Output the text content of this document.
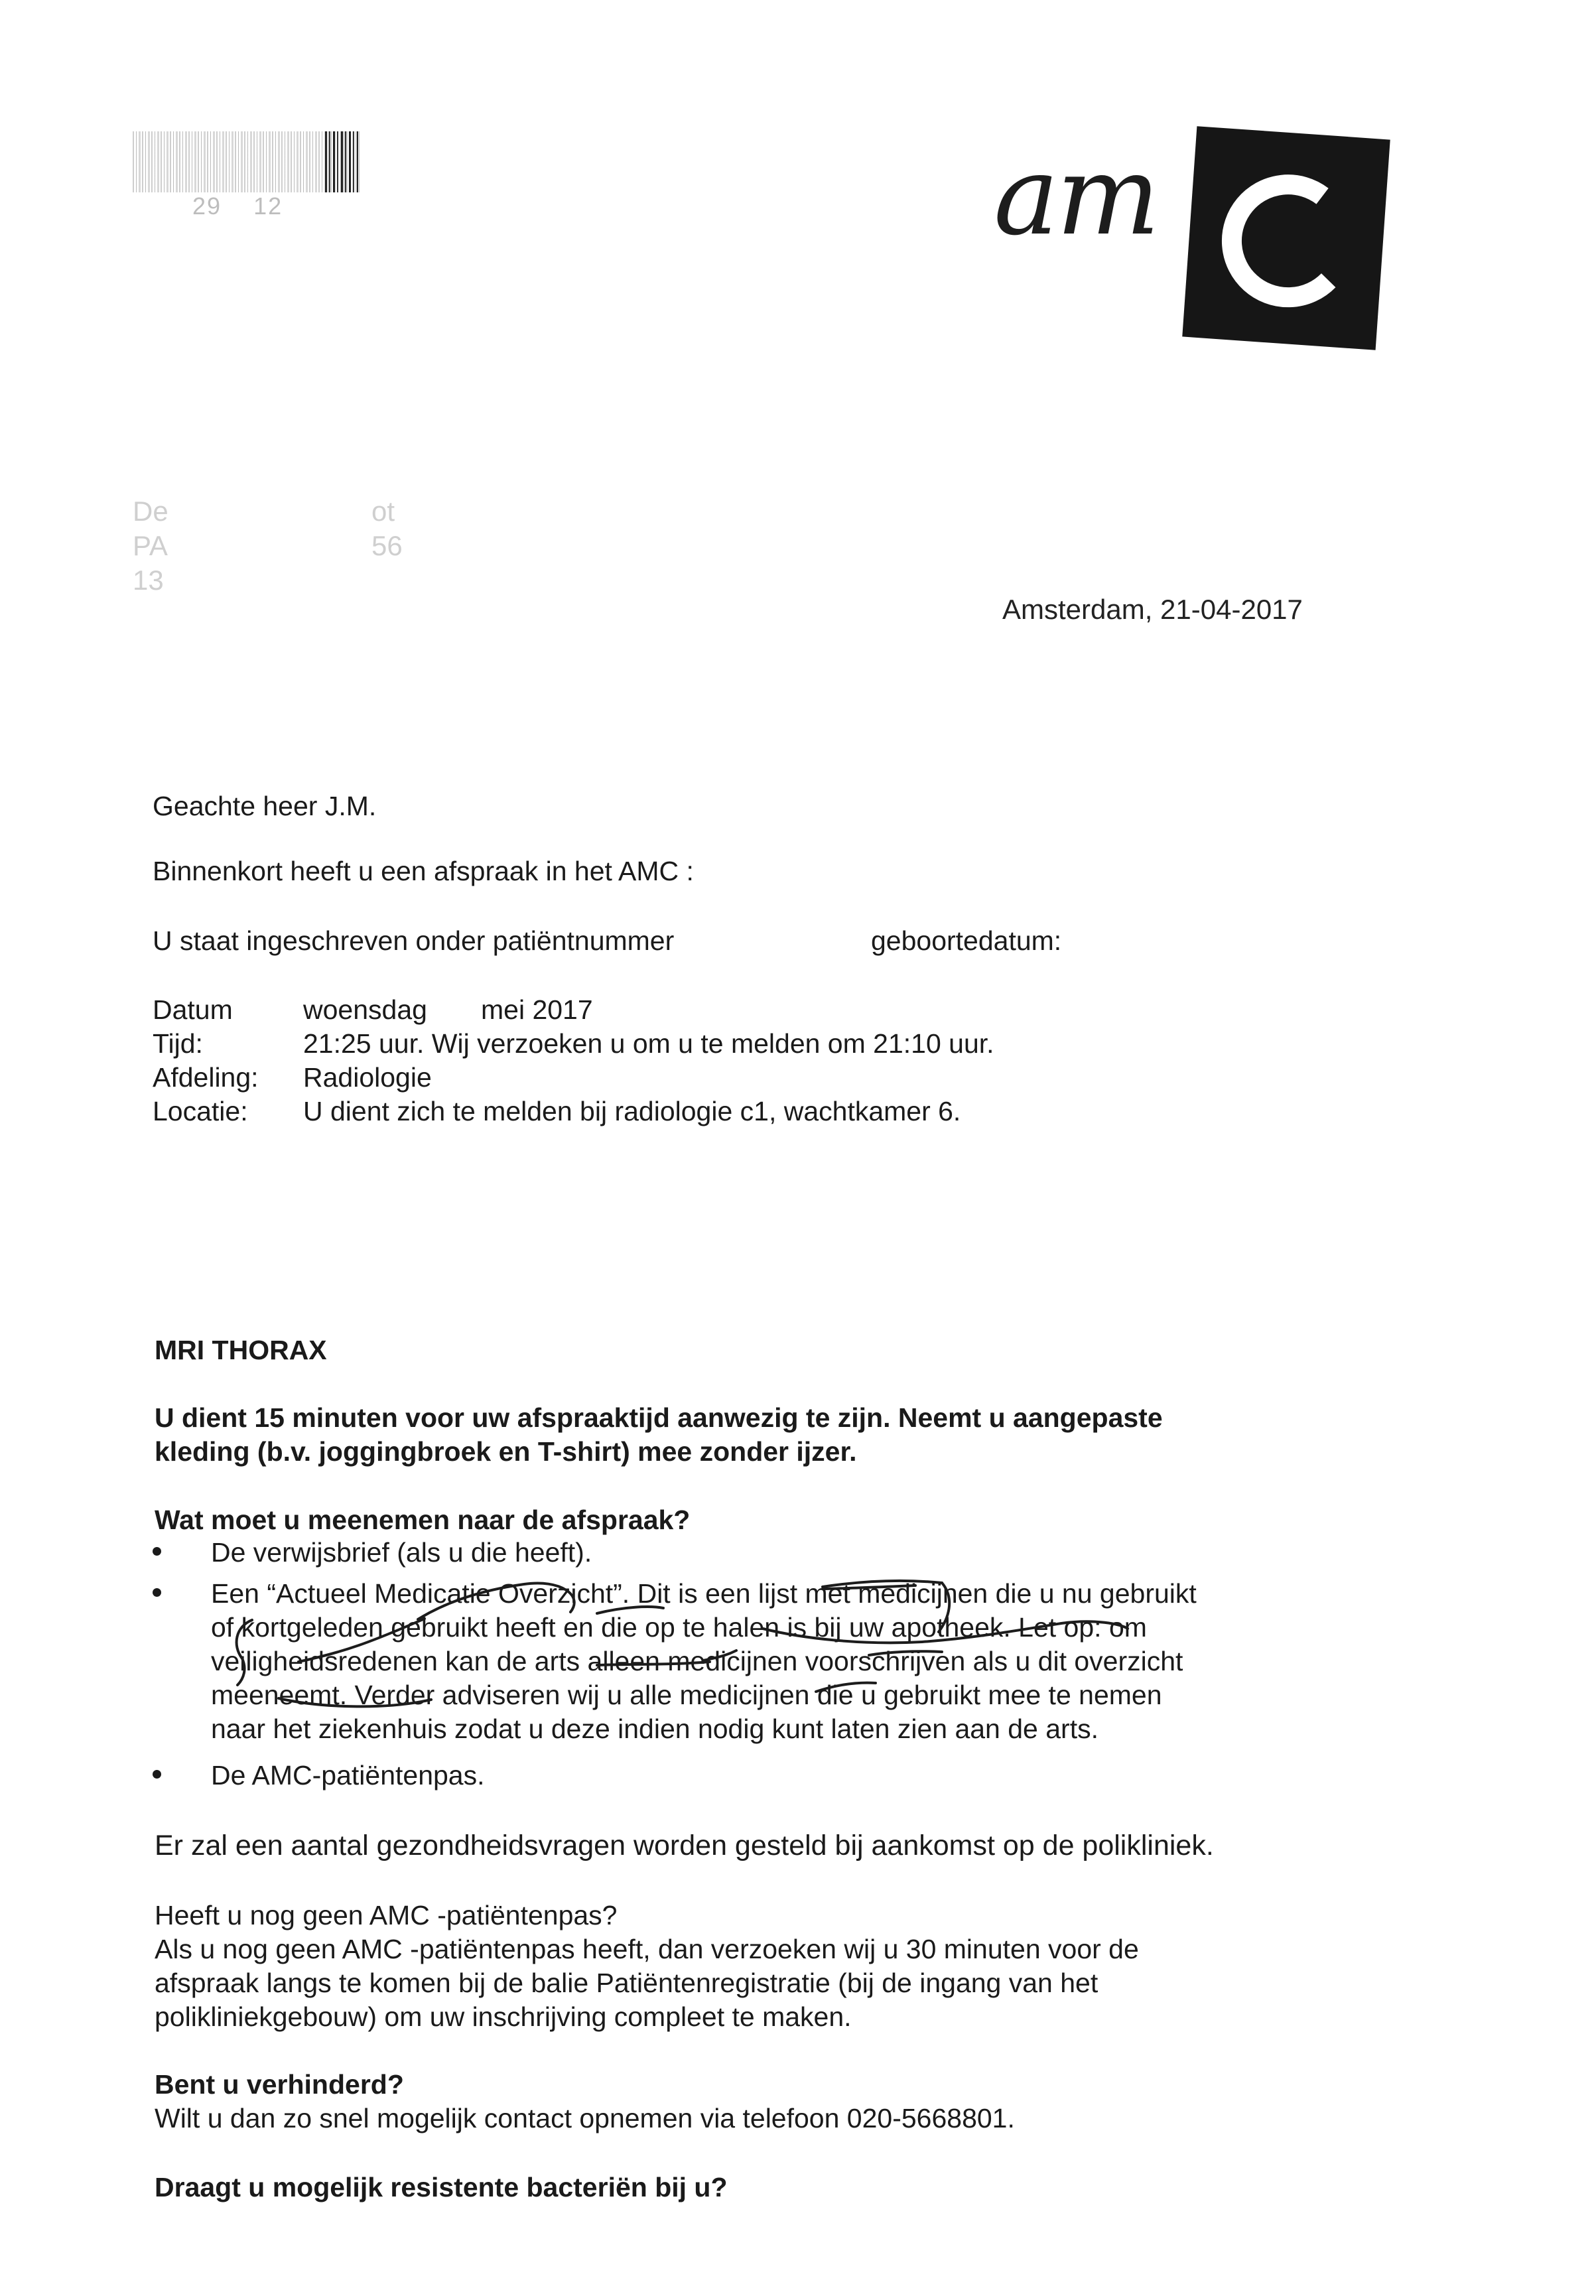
29 12	am
De
PA
13
ot
56
Amsterdam, 21-04-2017
Geachte heer J.M.
Binnenkort heeft u een afspraak in het AMC :
U staat ingeschreven onder patiëntnummer	geboortedatum:
Datum	woensdag mei 2017
Tijd:	21:25 uur. Wij verzoeken u om u te melden om 21:10 uur.
Afdeling: Radiologie
Locatie: U dient zich te melden bij radiologie c1, wachtkamer 6.
MRI THORAX
U dient 15 minuten voor uw afspraaktijd aanwezig te zijn. Neemt u aangepaste
kleding (b.v. joggingbroek en T-shirt) mee zonder ijzer.
Wat moet u meenemen naar de afspraak?
De verwijsbrief (als u die heeft).
Een “Actueel Medicatie Overzicht”. Dit is een lijst met medicijnen die u nu gebruikt
of kortgeleden gebruikt heeft en die op te halen is bij uw apotheek. Let op: om
veiligheidsredenen kan de arts alleen medicijnen voorschrijven als u dit overzicht
meeneemt. Verder adviseren wij u alle medicijnen die u gebruikt mee te nemen
naar het ziekenhuis zodat u deze indien nodig kunt laten zien aan de arts.
De AMC-patiëntenpas.
Er zal een aantal gezondheidsvragen worden gesteld bij aankomst op de polikliniek.
Heeft u nog geen AMC -patiëntenpas?
Als u nog geen AMC -patiëntenpas heeft, dan verzoeken wij u 30 minuten voor de
afspraak langs te komen bij de balie Patiëntenregistratie (bij de ingang van het
polikliniekgebouw) om uw inschrijving compleet te maken.
Bent u verhinderd?
Wilt u dan zo snel mogelijk contact opnemen via telefoon 020-5668801.
Draagt u mogelijk resistente bacteriën bij u?
